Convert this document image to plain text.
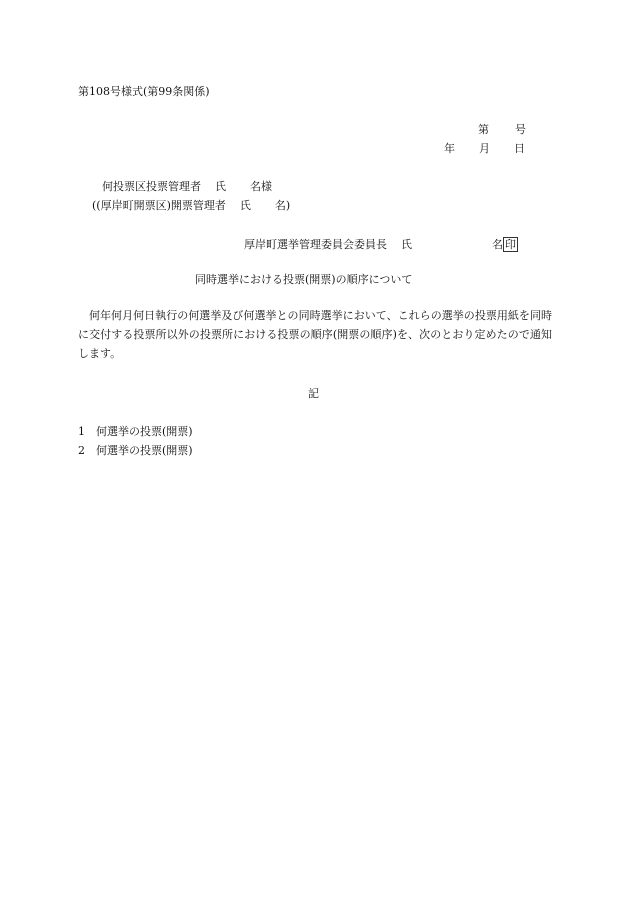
第108号様式(第99条関係)
第 号
年 月 日
何投票区投票管理者 氏 名様
((厚岸町開票区)開票管理者 氏 名)
厚岸町選挙管理委員会委員長 氏	名 印
同時選挙における投票(開票)の順序について
何年何月何日執行の何選挙及び何選挙との同時選挙において、これらの選挙の投票用紙を同時に交付する投票所以外の投票所における投票の順序(開票の順序)を、次のとおり定めたので通知します。
記
1 何選挙の投票(開票)
2 何選挙の投票(開票)
